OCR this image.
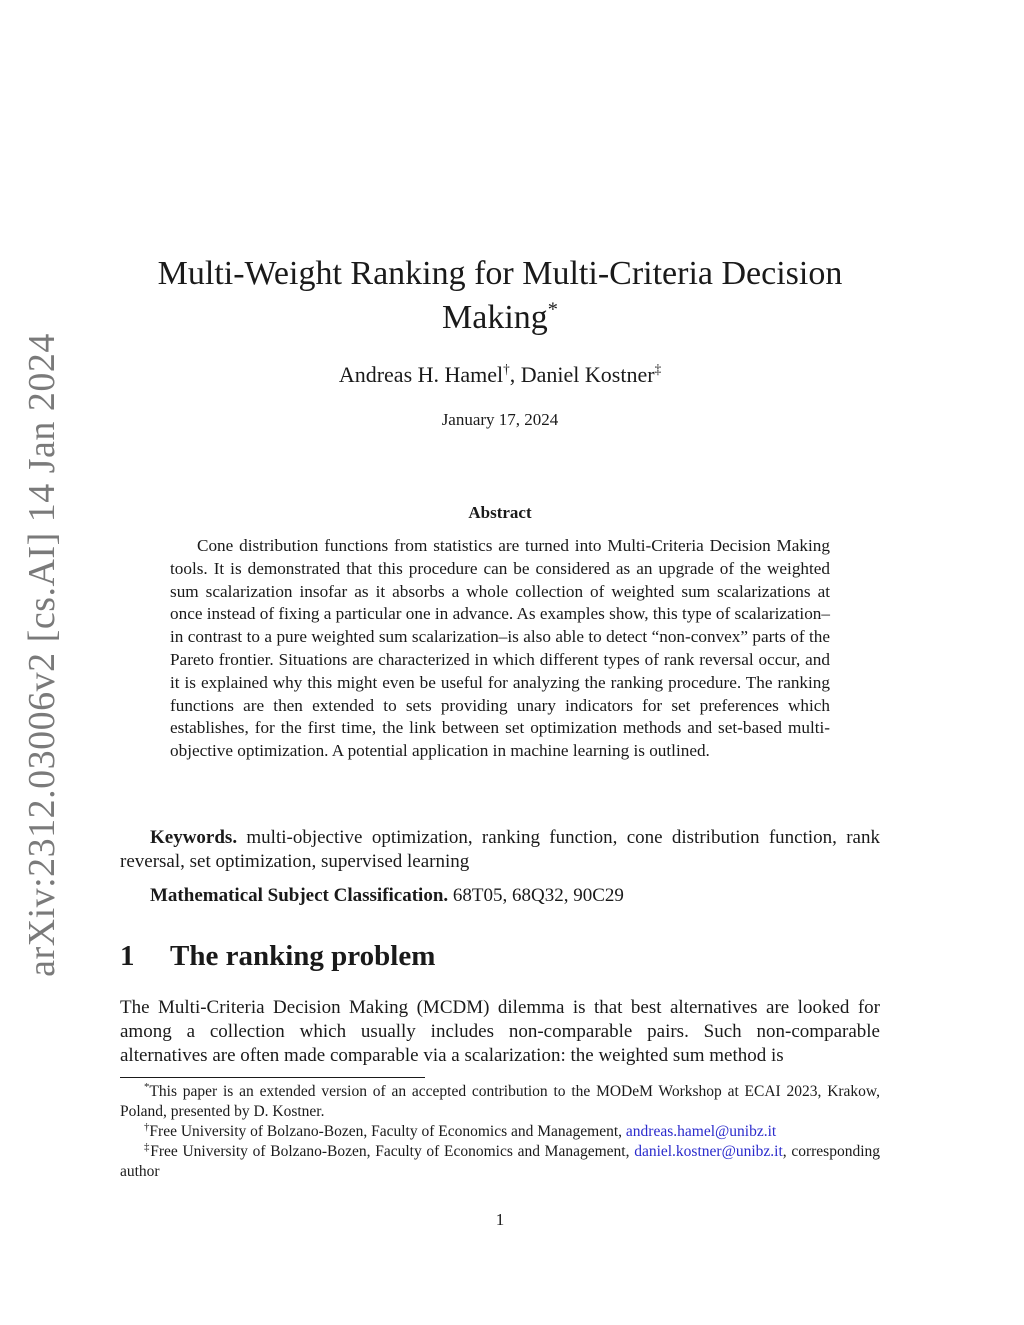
arXiv:2312.03006v2 [cs.AI] 14 Jan 2024
Multi-Weight Ranking for Multi-Criteria Decision
Making*
Andreas H. Hamel†, Daniel Kostner‡
January 17, 2024
Abstract

Cone distribution functions from statistics are turned into Multi-Criteria Decision Making tools. It is demonstrated that this procedure can be considered as an upgrade of the weighted sum scalarization insofar as it absorbs a whole collection of weighted sum scalarizations at once instead of fixing a particular one in advance. As examples show, this type of scalarization–in contrast to a pure weighted sum scalarization–is also able to detect “non-convex” parts of the Pareto frontier. Situations are characterized in which different types of rank reversal occur, and it is explained why this might even be useful for analyzing the ranking procedure. The ranking functions are then extended to sets providing unary indicators for set preferences which establishes, for the first time, the link between set optimization methods and set-based multi-objective optimization. A potential application in machine learning is outlined.

Keywords. multi-objective optimization, ranking function, cone distribution function, rank reversal, set optimization, supervised learning

Mathematical Subject Classification. 68T05, 68Q32, 90C29

1 The ranking problem

The Multi-Criteria Decision Making (MCDM) dilemma is that best alternatives are looked for among a collection which usually includes non-comparable pairs. Such non-comparable alternatives are often made comparable via a scalarization: the weighted sum method is

*This paper is an extended version of an accepted contribution to the MODeM Workshop at ECAI 2023, Krakow, Poland, presented by D. Kostner.

†Free University of Bolzano-Bozen, Faculty of Economics and Management, andreas.hamel@unibz.it

‡Free University of Bolzano-Bozen, Faculty of Economics and Management, daniel.kostner@unibz.it, corresponding author

1
